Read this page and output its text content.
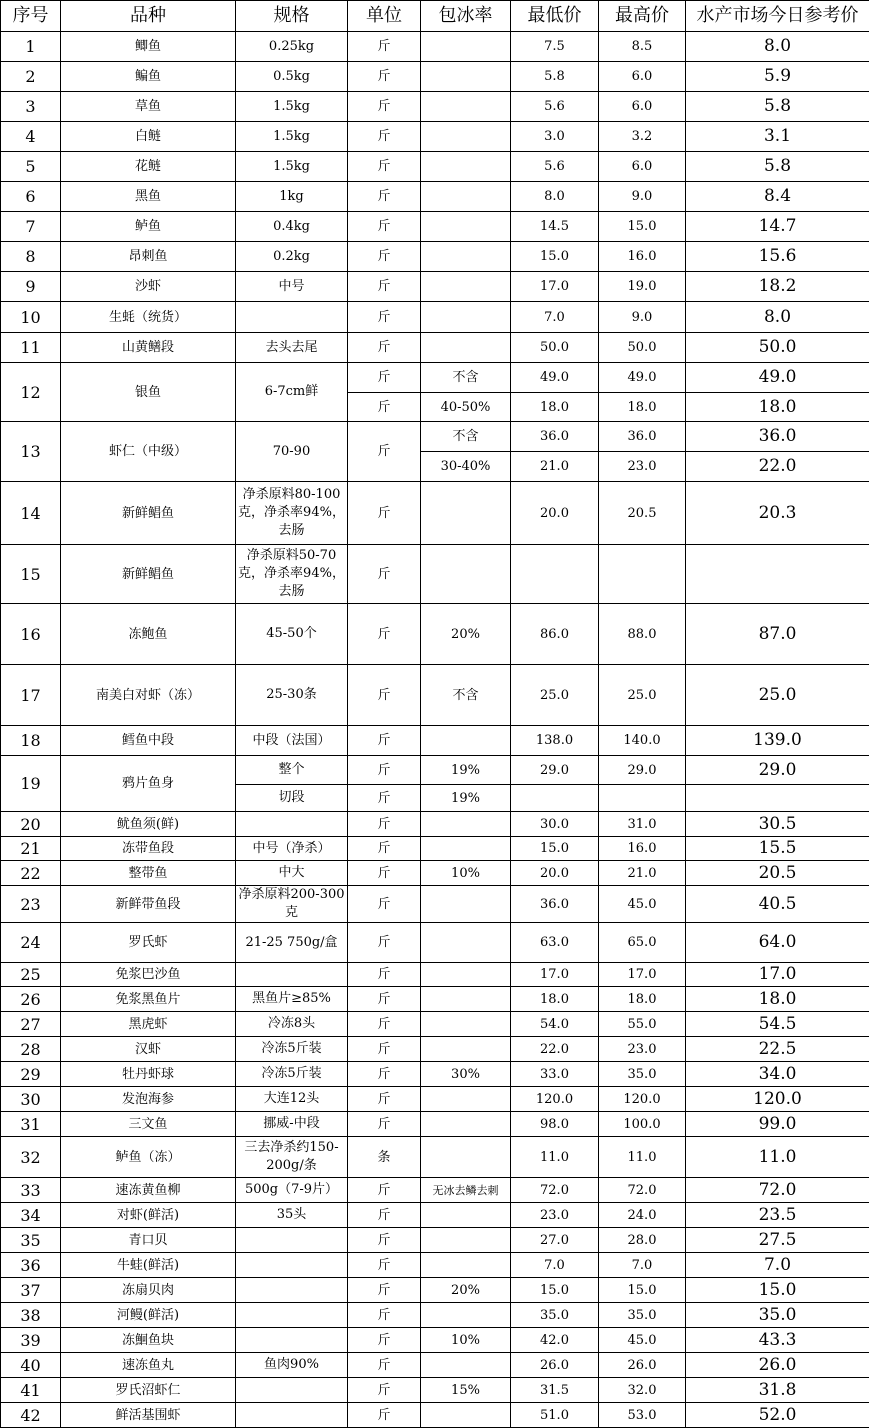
序号	品种	规格	单位	包冰率	最低价	最高价	水产市场今日参考价
1	鲫鱼	0.25kg	斤		7.5	8.5	8.0
2	鳊鱼	0.5kg	斤		5.8	6.0	5.9
3	草鱼	1.5kg	斤		5.6	6.0	5.8
4	白鲢	1.5kg	斤		3.0	3.2	3.1
5	花鲢	1.5kg	斤		5.6	6.0	5.8
6	黑鱼	1kg	斤		8.0	9.0	8.4
7	鲈鱼	0.4kg	斤		14.5	15.0	14.7
8	昂刺鱼	0.2kg	斤		15.0	16.0	15.6
9	沙虾	中号	斤		17.0	19.0	18.2
10	生蚝（统货）		斤		7.0	9.0	8.0
11	山黄鳝段	去头去尾	斤		50.0	50.0	50.0
12	银鱼	6-7cm鲜	斤	不含	49.0	49.0	49.0
			斤	40-50%	18.0	18.0	18.0
13	虾仁（中级）	70-90	斤	不含	36.0	36.0	36.0
				30-40%	21.0	23.0	22.0
14	新鲜鲳鱼	净杀原料80-100克，净杀率94%，去肠	斤		20.0	20.5	20.3
15	新鲜鲳鱼	净杀原料50-70克，净杀率94%，去肠	斤				
16	冻鲍鱼	45-50个	斤	20%	86.0	88.0	87.0
17	南美白对虾（冻）	25-30条	斤	不含	25.0	25.0	25.0
18	鳕鱼中段	中段（法国）	斤		138.0	140.0	139.0
19	鸦片鱼身	整个	斤	19%	29.0	29.0	29.0
		切段	斤	19%			
20	鱿鱼须(鲜)		斤		30.0	31.0	30.5
21	冻带鱼段	中号（净杀）	斤		15.0	16.0	15.5
22	整带鱼	中大	斤	10%	20.0	21.0	20.5
23	新鲜带鱼段	净杀原料200-300克	斤		36.0	45.0	40.5
24	罗氏虾	21-25 750g/盒	斤		63.0	65.0	64.0
25	免浆巴沙鱼		斤		17.0	17.0	17.0
26	免浆黑鱼片	黑鱼片≥85%	斤		18.0	18.0	18.0
27	黑虎虾	冷冻8头	斤		54.0	55.0	54.5
28	汉虾	冷冻5斤装	斤		22.0	23.0	22.5
29	牡丹虾球	冷冻5斤装	斤	30%	33.0	35.0	34.0
30	发泡海参	大连12头	斤		120.0	120.0	120.0
31	三文鱼	挪威-中段	斤		98.0	100.0	99.0
32	鲈鱼（冻）	三去净杀约150-200g/条	条		11.0	11.0	11.0
33	速冻黄鱼柳	500g（7-9片）	斤	无冰去鳞去刺	72.0	72.0	72.0
34	对虾(鲜活)	35头	斤		23.0	24.0	23.5
35	青口贝		斤		27.0	28.0	27.5
36	牛蛙(鲜活)		斤		7.0	7.0	7.0
37	冻扇贝肉		斤	20%	15.0	15.0	15.0
38	河鳗(鲜活)		斤		35.0	35.0	35.0
39	冻鮰鱼块		斤	10%	42.0	45.0	43.3
40	速冻鱼丸	鱼肉90%	斤		26.0	26.0	26.0
41	罗氏沼虾仁		斤	15%	31.5	32.0	31.8
42	鲜活基围虾		斤		51.0	53.0	52.0
